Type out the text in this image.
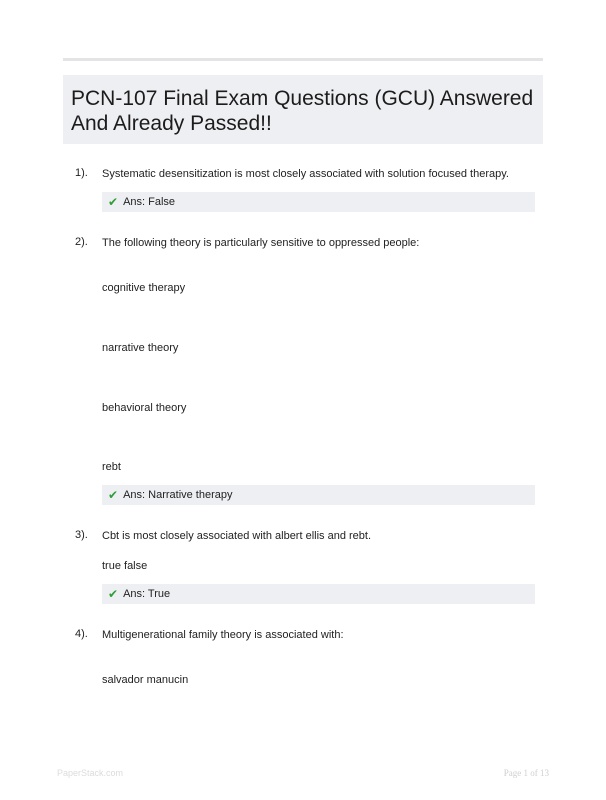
PCN-107 Final Exam Questions (GCU) Answered And Already Passed!!
1). Systematic desensitization is most closely associated with solution focused therapy.
✔ Ans: False
2). The following theory is particularly sensitive to oppressed people:
cognitive therapy
narrative theory
behavioral theory
rebt
✔ Ans: Narrative therapy
3). Cbt is most closely associated with albert ellis and rebt.
true false
✔ Ans: True
4). Multigenerational family theory is associated with:
salvador manucin
PaperStack.com	Page 1 of 13
